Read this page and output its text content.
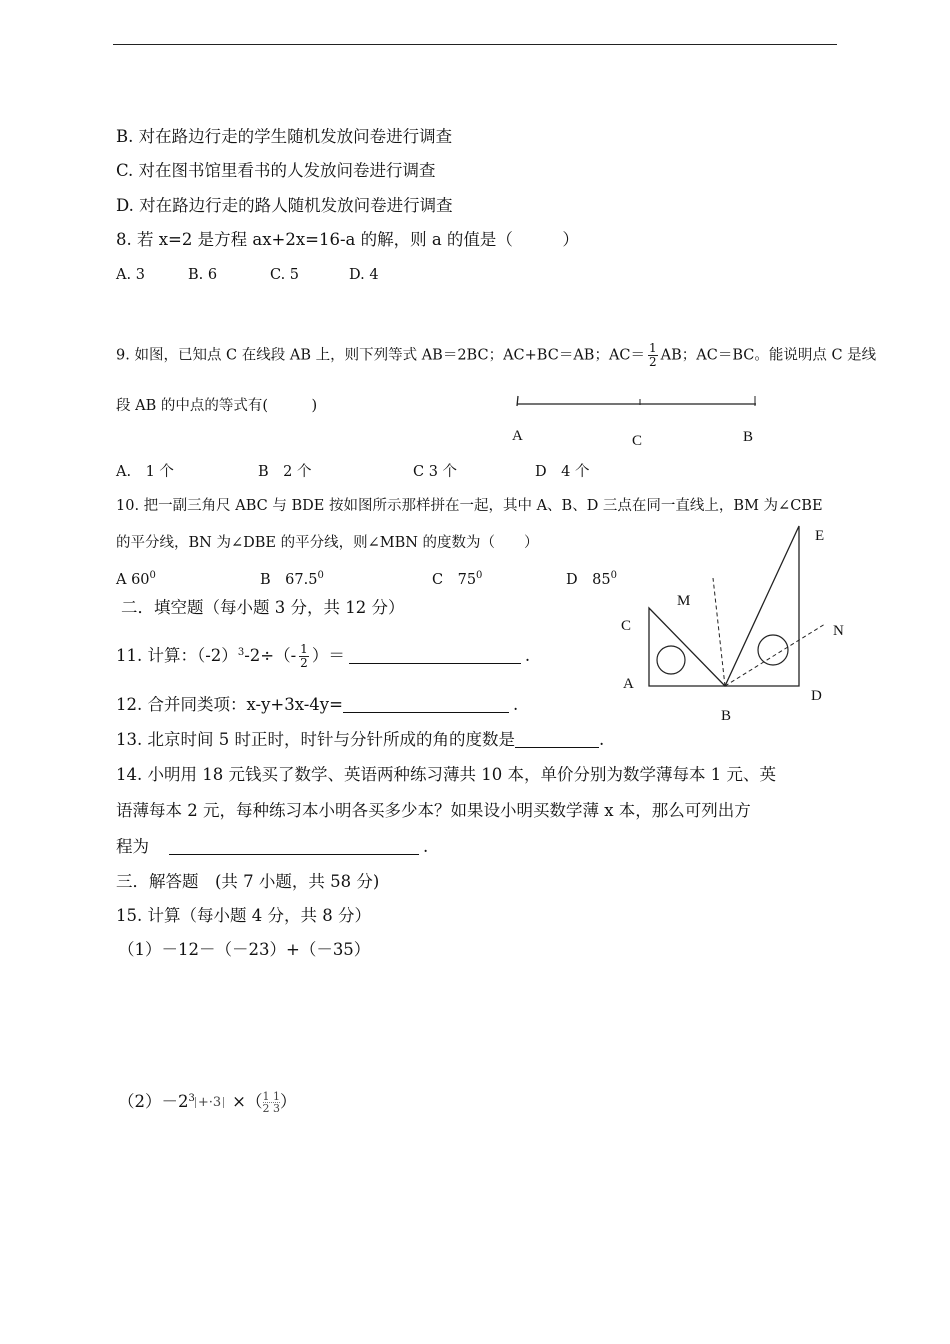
B. 对在路边行走的学生随机发放问卷进行调查
C. 对在图书馆里看书的人发放问卷进行调查
D. 对在路边行走的路人随机发放问卷进行调查
8. 若 x=2 是方程 ax+2x=16-a 的解，则 a 的值是（　　　）
A. 3	B. 6	C. 5	D. 4
9. 如图，已知点 C 在线段 AB 上，则下列等式 AB＝2BC；AC+BC＝AB；$AC= \frac{1}{2}$ AB；AC＝BC。能说明点 C 是线
段 AB 的中点的等式有(　　　)
A	C	B
A.　1 个	B　2 个	C 3 个	D　4 个
10. 把一副三角尺 ABC 与 BDE 按如图所示那样拼在一起，其中 A、B、D 三点在同一直线上，BM 为∠CBE
的平分线，BN 为∠DBE 的平分线，则∠MBN 的度数为（　　）
A $60^0$	B　67.5$^0$	C　$75^0$	D　$85^0$
E
M
C	N
A
D
B
二．填空题（每小题 3 分，共 12 分）
11. 计算：$(-2)^3-2\div(- \frac{1}{2}$ ）＝	.
12. 合并同类项：x-y+3x-4y=	.
13. 北京时间 5 时正时，时针与分针所成的角的度数是	.
14. 小明用 18 元钱买了数学、英语两种练习薄共 10 本，单价分别为数学薄每本 1 元、英
语薄每本 2 元，每种练习本小明各买多少本？如果设小明买数学薄 x 本，那么可列出方
程为	.
三．解答题　(共 7 小题，共 58 分)
15. 计算（每小题 4 分，共 8 分）
（1）－12－（－23）+（－35）
$(2)-2^3 +\cdot 3$ ×（ $\frac{1 1}{2 3}$ ）
